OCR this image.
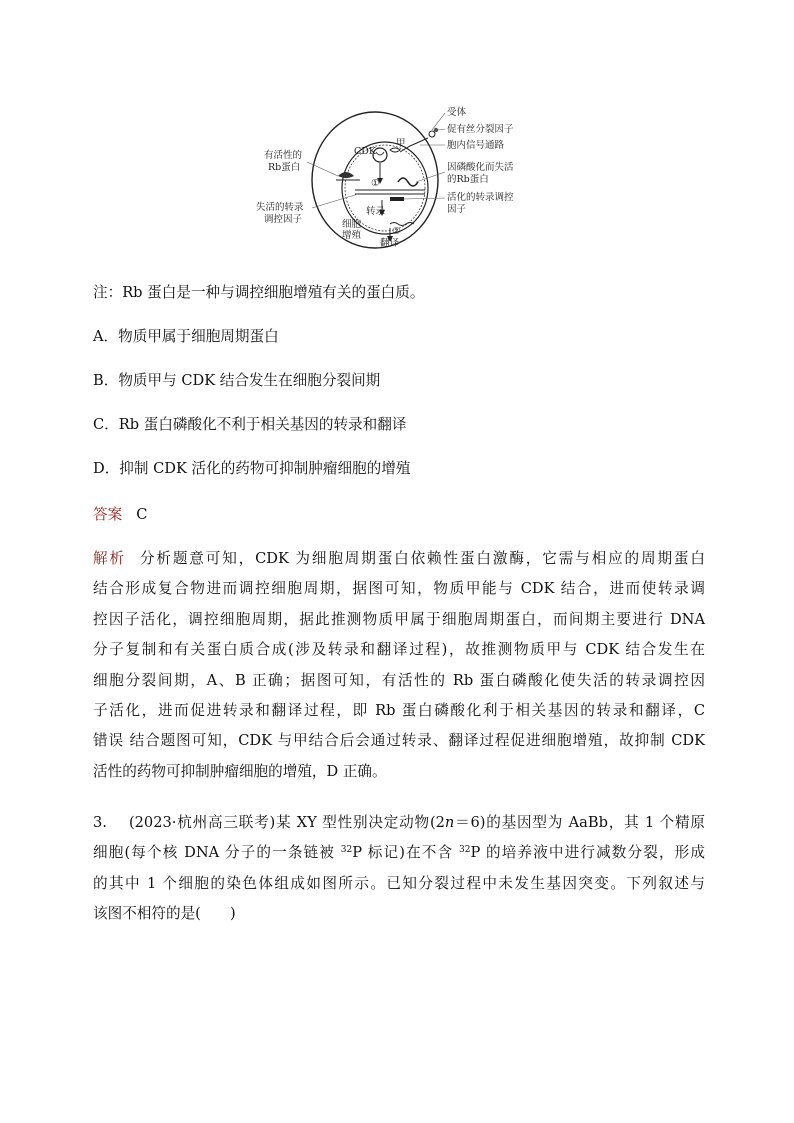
受体
促有丝分裂因子
胞内信号通路
CDK
甲
有活性的
Rb蛋白	因磷酸化而失活
的Rb蛋白
失活的转录
调控因子
活化的转录调控
因子
转录
细胞
增殖
翻译
①
②
注：Rb 蛋白是一种与调控细胞增殖有关的蛋白质。
A．物质甲属于细胞周期蛋白
B．物质甲与 CDK 结合发生在细胞分裂间期
C．Rb 蛋白磷酸化不利于相关基因的转录和翻译
D．抑制 CDK 活化的药物可抑制肿瘤细胞的增殖
答案 C
解析 分析题意可知，CDK 为细胞周期蛋白依赖性蛋白激酶，它需与相应的周期蛋白
结合形成复合物进而调控细胞周期，据图可知，物质甲能与 CDK 结合，进而使转录调
控因子活化，调控细胞周期，据此推测物质甲属于细胞周期蛋白，而间期主要进行 DNA
分子复制和有关蛋白质合成(涉及转录和翻译过程)，故推测物质甲与 CDK 结合发生在
细胞分裂间期，A、B 正确；据图可知，有活性的 Rb 蛋白磷酸化使失活的转录调控因
子活化，进而促进转录和翻译过程，即 Rb 蛋白磷酸化利于相关基因的转录和翻译，C
错误 结合题图可知，CDK 与甲结合后会通过转录、翻译过程促进细胞增殖，故抑制 CDK
活性的药物可抑制肿瘤细胞的增殖，D 正确。
3. (2023·杭州高三联考)某 XY 型性别决定动物(2n＝6)的基因型为 AaBb，其 1 个精原
细胞(每个核 DNA 分子的一条链被 $^{32}$P 标记)在不含 $^{32}$P 的培养液中进行减数分裂，形成
的其中 1 个细胞的染色体组成如图所示。已知分裂过程中未发生基因突变。下列叙述与
该图不相符的是(　　)
